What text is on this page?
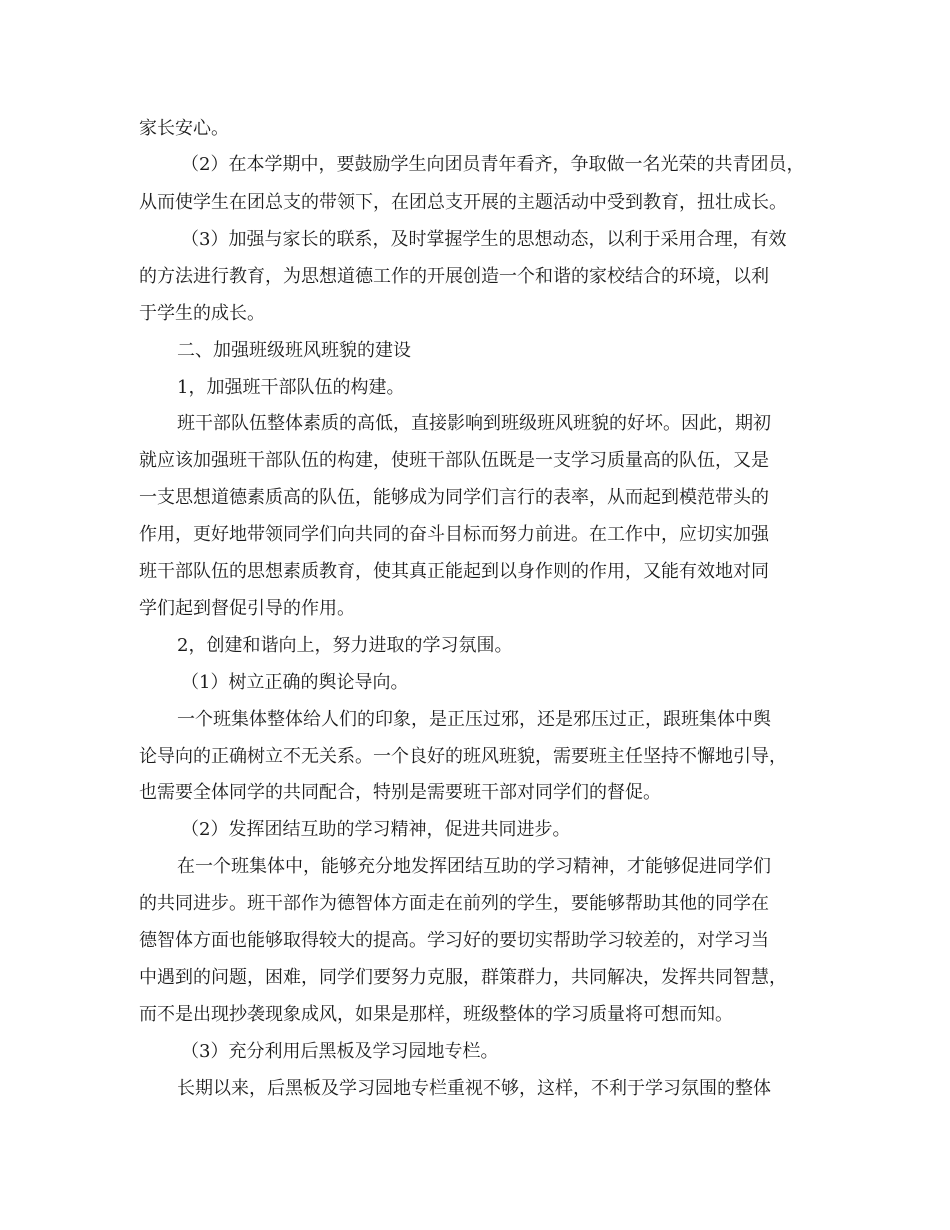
家长安心。
（2）在本学期中，要鼓励学生向团员青年看齐，争取做一名光荣的共青团员，
从而使学生在团总支的带领下，在团总支开展的主题活动中受到教育，扭壮成长。
（3）加强与家长的联系，及时掌握学生的思想动态，以利于采用合理，有效
的方法进行教育，为思想道德工作的开展创造一个和谐的家校结合的环境，以利
于学生的成长。
二、加强班级班风班貌的建设
1，加强班干部队伍的构建。
班干部队伍整体素质的高低，直接影响到班级班风班貌的好坏。因此，期初
就应该加强班干部队伍的构建，使班干部队伍既是一支学习质量高的队伍，又是
一支思想道德素质高的队伍，能够成为同学们言行的表率，从而起到模范带头的
作用，更好地带领同学们向共同的奋斗目标而努力前进。在工作中，应切实加强
班干部队伍的思想素质教育，使其真正能起到以身作则的作用，又能有效地对同
学们起到督促引导的作用。
2，创建和谐向上，努力进取的学习氛围。
（1）树立正确的舆论导向。
一个班集体整体给人们的印象，是正压过邪，还是邪压过正，跟班集体中舆
论导向的正确树立不无关系。一个良好的班风班貌，需要班主任坚持不懈地引导，
也需要全体同学的共同配合，特别是需要班干部对同学们的督促。
（2）发挥团结互助的学习精神，促进共同进步。
在一个班集体中，能够充分地发挥团结互助的学习精神，才能够促进同学们
的共同进步。班干部作为德智体方面走在前列的学生，要能够帮助其他的同学在
德智体方面也能够取得较大的提高。学习好的要切实帮助学习较差的，对学习当
中遇到的问题，困难，同学们要努力克服，群策群力，共同解决，发挥共同智慧，
而不是出现抄袭现象成风，如果是那样，班级整体的学习质量将可想而知。
（3）充分利用后黑板及学习园地专栏。
长期以来，后黑板及学习园地专栏重视不够，这样，不利于学习氛围的整体
